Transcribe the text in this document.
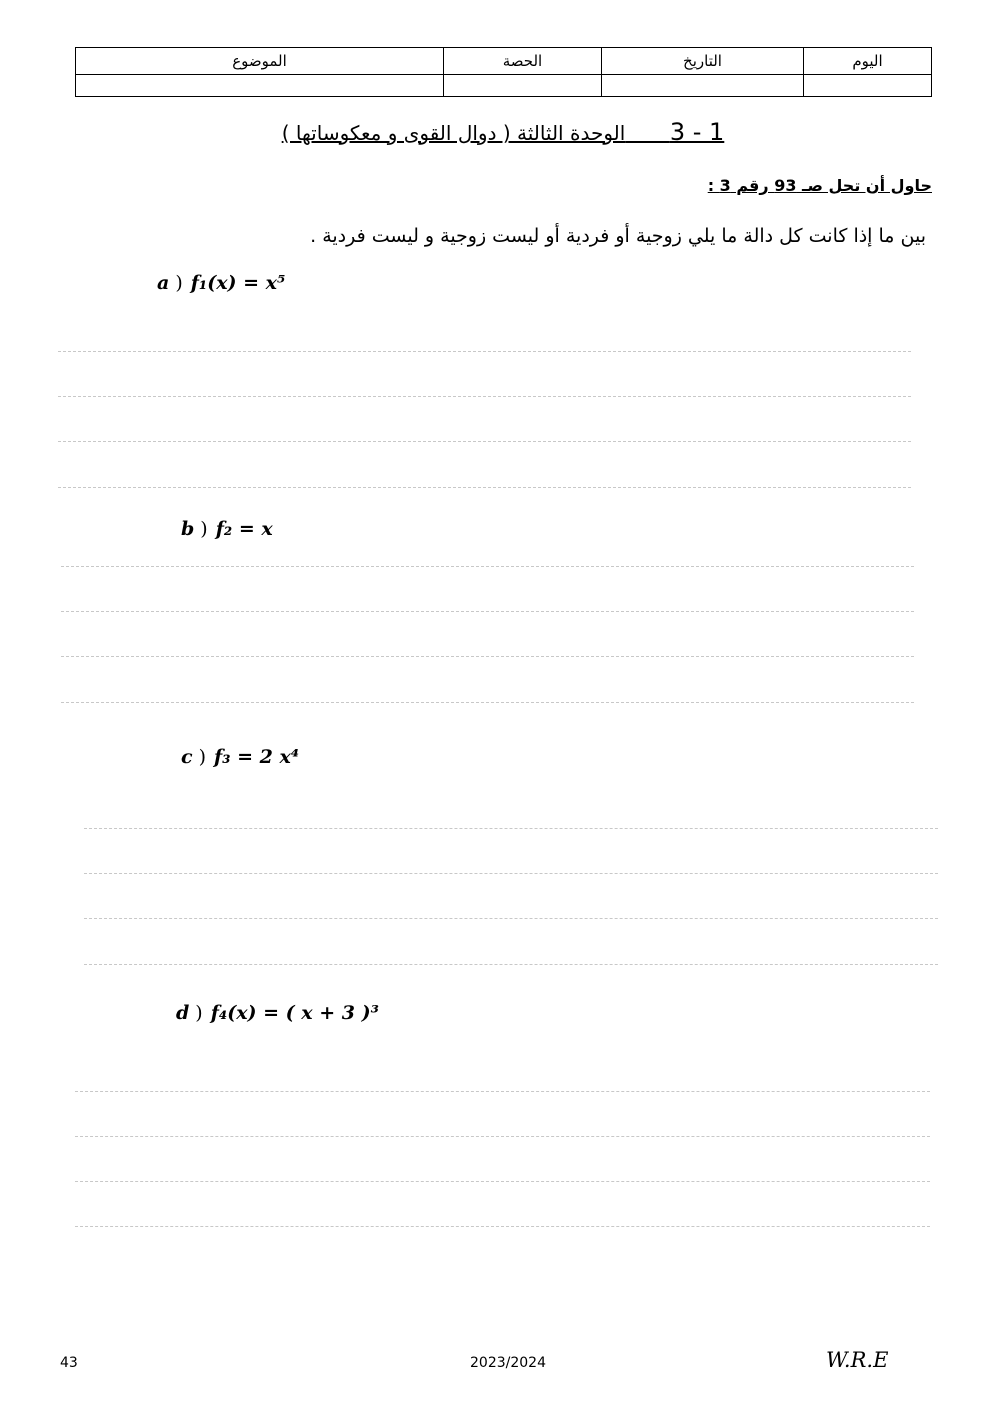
اليوم	التاريخ	الحصة	الموضوع

3 - 1       الوحدة الثالثة ( دوال القوى و معكوساتها )
حاول أن تحل صـ 93 رقم 3 :
بين ما إذا كانت كل دالة ما يلي زوجية أو فردية أو ليست زوجية و ليست فردية .
a ) f₁(x) = x⁵
b ) f₂ = x
c ) f₃ = 2 x⁴
d ) f₄(x) = ( x + 3 )³
43	2023/2024	W.R.E
